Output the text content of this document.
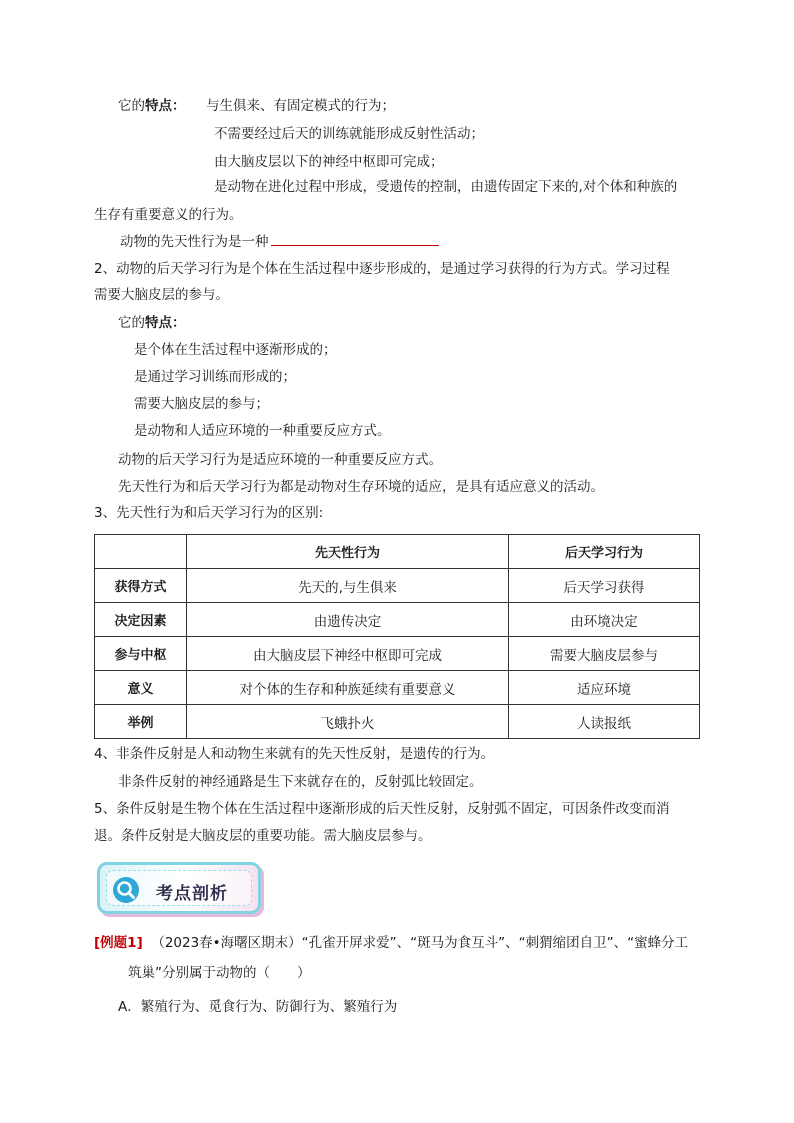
它的特点： 与生俱来、有固定模式的行为；
不需要经过后天的训练就能形成反射性活动；
由大脑皮层以下的神经中枢即可完成；
是动物在进化过程中形成，受遗传的控制，由遗传固定下来的,对个体和种族的
生存有重要意义的行为。
动物的先天性行为是一种
2、动物的后天学习行为是个体在生活过程中逐步形成的，是通过学习获得的行为方式。学习过程
需要大脑皮层的参与。
它的特点：
是个体在生活过程中逐渐形成的；
是通过学习训练而形成的；
需要大脑皮层的参与；
是动物和人适应环境的一种重要反应方式。
动物的后天学习行为是适应环境的一种重要反应方式。
先天性行为和后天学习行为都是动物对生存环境的适应，是具有适应意义的活动。
3、先天性行为和后天学习行为的区别:
	先天性行为	后天学习行为
获得方式	先天的,与生俱来	后天学习获得
决定因素	由遗传决定	由环境决定
参与中枢	由大脑皮层下神经中枢即可完成	需要大脑皮层参与
意义	对个体的生存和种族延续有重要意义	适应环境
举例	飞蛾扑火	人读报纸
4、非条件反射是人和动物生来就有的先天性反射，是遗传的行为。
非条件反射的神经通路是生下来就存在的，反射弧比较固定。
5、条件反射是生物个体在生活过程中逐渐形成的后天性反射，反射弧不固定，可因条件改变而消
退。条件反射是大脑皮层的重要功能。需大脑皮层参与。
考点剖析
[例题1] （2023春•海曙区期末）“孔雀开屏求爱”、“斑马为食互斗”、“刺猬缩团自卫”、“蜜蜂分工
筑巢”分别属于动物的（　　）
A．繁殖行为、觅食行为、防御行为、繁殖行为
